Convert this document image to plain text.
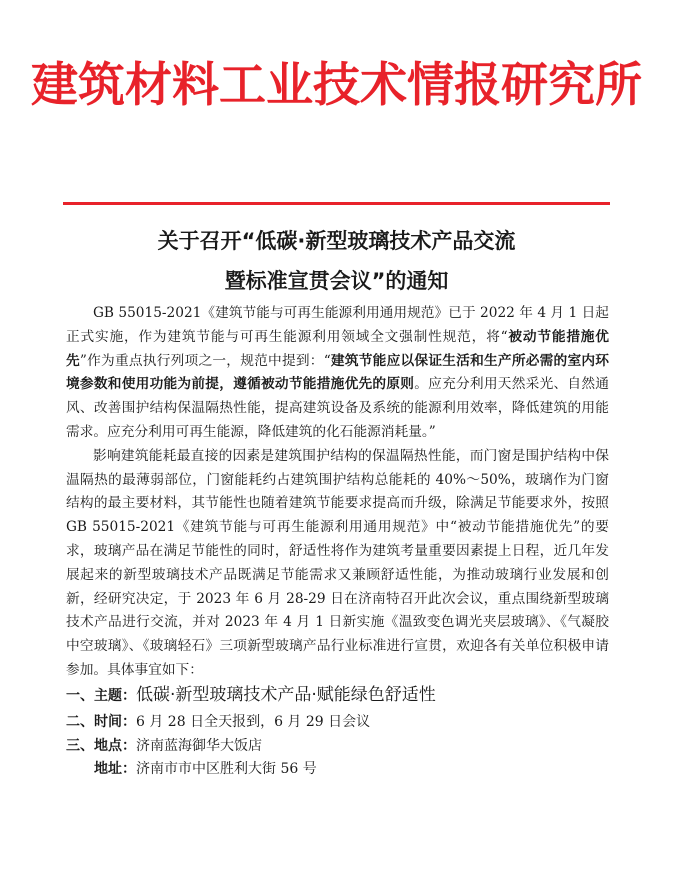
建筑材料工业技术情报研究所
关于召开“低碳·新型玻璃技术产品交流
暨标准宣贯会议”的通知

GB 55015-2021《建筑节能与可再生能源利用通用规范》已于 2022 年 4 月 1 日起正式实施，作为建筑节能与可再生能源利用领域全文强制性规范，将“被动节能措施优先”作为重点执行列项之一，规范中提到：“建筑节能应以保证生活和生产所必需的室内环境参数和使用功能为前提，遵循被动节能措施优先的原则。应充分利用天然采光、自然通风、改善围护结构保温隔热性能，提高建筑设备及系统的能源利用效率，降低建筑的用能需求。应充分利用可再生能源，降低建筑的化石能源消耗量。”

影响建筑能耗最直接的因素是建筑围护结构的保温隔热性能，而门窗是围护结构中保温隔热的最薄弱部位，门窗能耗约占建筑围护结构总能耗的 40%～50%，玻璃作为门窗结构的最主要材料，其节能性也随着建筑节能要求提高而升级，除满足节能要求外，按照 GB 55015-2021《建筑节能与可再生能源利用通用规范》中“被动节能措施优先”的要求，玻璃产品在满足节能性的同时，舒适性将作为建筑考量重要因素提上日程，近几年发展起来的新型玻璃技术产品既满足节能需求又兼顾舒适性能，为推动玻璃行业发展和创新，经研究决定，于 2023 年 6 月 28-29 日在济南特召开此次会议，重点围绕新型玻璃技术产品进行交流，并对 2023 年 4 月 1 日新实施《温致变色调光夹层玻璃》、《气凝胶中空玻璃》、《玻璃轻石》三项新型玻璃产品行业标准进行宣贯，欢迎各有关单位积极申请参加。具体事宜如下：

一、主题： 低碳·新型玻璃技术产品·赋能绿色舒适性
二、时间： 6 月 28 日全天报到，6 月 29 日会议
三、地点： 济南蓝海御华大饭店
地址： 济南市市中区胜利大街 56 号
